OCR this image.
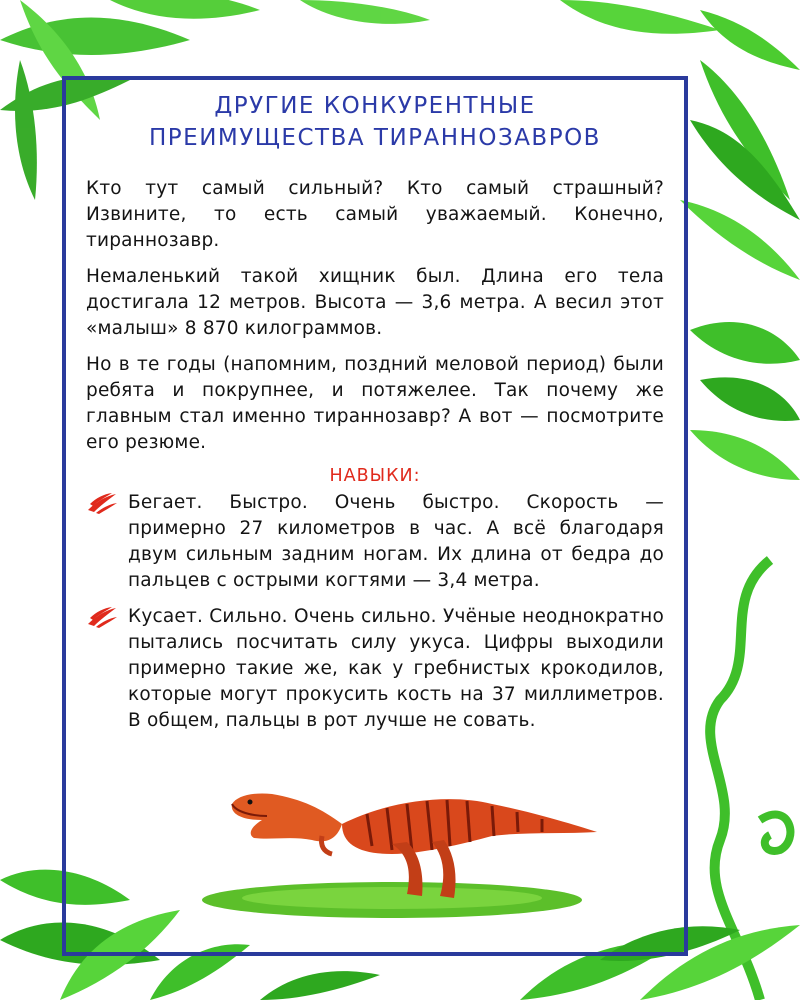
ДРУГИЕ КОНКУРЕНТНЫЕ
ПРЕИМУЩЕСТВА ТИРАННОЗАВРОВ

Кто тут самый сильный? Кто самый страшный? Извините, то есть самый уважаемый. Конечно, тираннозавр.

Немаленький такой хищник был. Длина его тела достигала 12 метров. Высота — 3,6 метра. А весил этот «малыш» 8 870 килограммов.

Но в те годы (напомним, поздний меловой период) были ребята и покрупнее, и потяжелее. Так почему же главным стал именно тираннозавр? А вот — посмотрите его резюме.

НАВЫКИ:

Бегает. Быстро. Очень быстро. Скорость — примерно 27 километров в час. А всё благодаря двум сильным задним ногам. Их длина от бедра до пальцев с острыми когтями — 3,4 метра.

Кусает. Сильно. Очень сильно. Учёные неоднократно пытались посчитать силу укуса. Цифры выходили примерно такие же, как у гребнистых крокодилов, которые могут прокусить кость на 37 миллиметров. В общем, пальцы в рот лучше не совать.
